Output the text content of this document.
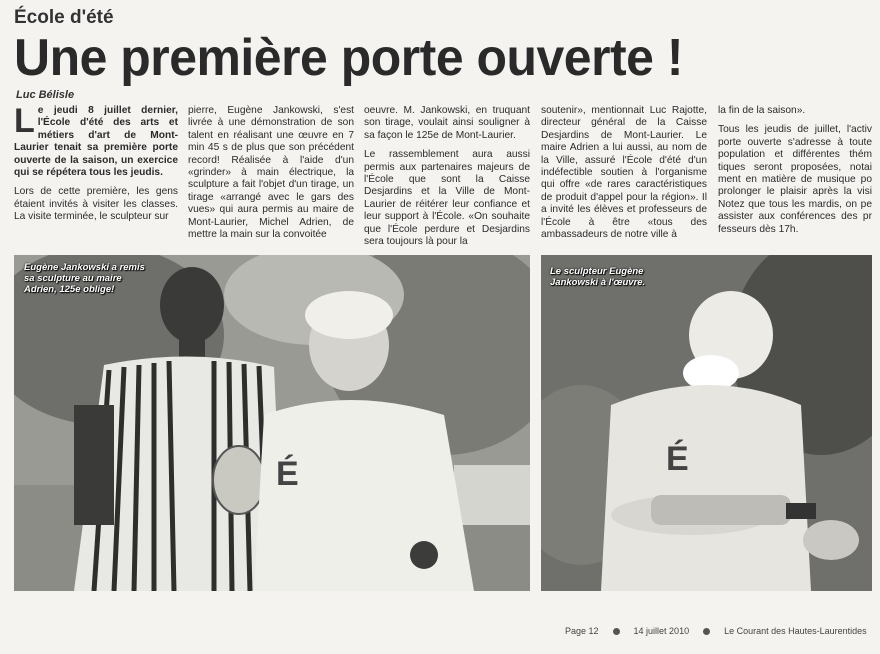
École d'été
Une première porte ouverte !
Luc Bélisle

Le jeudi 8 juillet dernier, l'École d'été des arts et métiers d'art de Mont-Laurier tenait sa première porte ouverte de la saison, un exercice qui se répétera tous les jeudis.

Lors de cette première, les gens étaient invités à visiter les classes. La visite terminée, le sculpteur sur

pierre, Eugène Jankowski, s'est livrée à une démonstration de son talent en réalisant une œuvre en 7 min 45 s de plus que son précédent record! Réalisée à l'aide d'un «grinder» à main électrique, la sculpture a fait l'objet d'un tirage, un tirage «arrangé avec le gars des vues» qui aura permis au maire de Mont-Laurier, Michel Adrien, de mettre la main sur la convoitée

oeuvre. M. Jankowski, en truquant son tirage, voulait ainsi souligner à sa façon le 125e de Mont-Laurier.

Le rassemblement aura aussi permis aux partenaires majeurs de l'École que sont la Caisse Desjardins et la Ville de Mont-Laurier de réitérer leur confiance et leur support à l'École. «On souhaite que l'École perdure et Desjardins sera toujours là pour la

soutenir», mentionnait Luc Rajotte, directeur général de la Caisse Desjardins de Mont-Laurier. Le maire Adrien a lui aussi, au nom de la Ville, assuré l'École d'été d'un indéfectible soutien à l'organisme qui offre «de rares caractéristiques de produit d'appel pour la région». Il a invité les élèves et professeurs de l'École à être «tous des ambassadeurs de notre ville à

la fin de la saison».

Tous les jeudis de juillet, l'activ porte ouverte s'adresse à toute population et différentes thém tiques seront proposées, notai ment en matière de musique po prolonger le plaisir après la visi Notez que tous les mardis, on pe assister aux conférences des pr fesseurs dès 17h.

É
Eugène Jankowski a remis sa sculpture au maire Adrien, 125e oblige!
É
Le sculpteur Eugène Jankowski à l'œuvre.
Page 12	14 juillet 2010	Le Courant des Hautes-Laurentides
